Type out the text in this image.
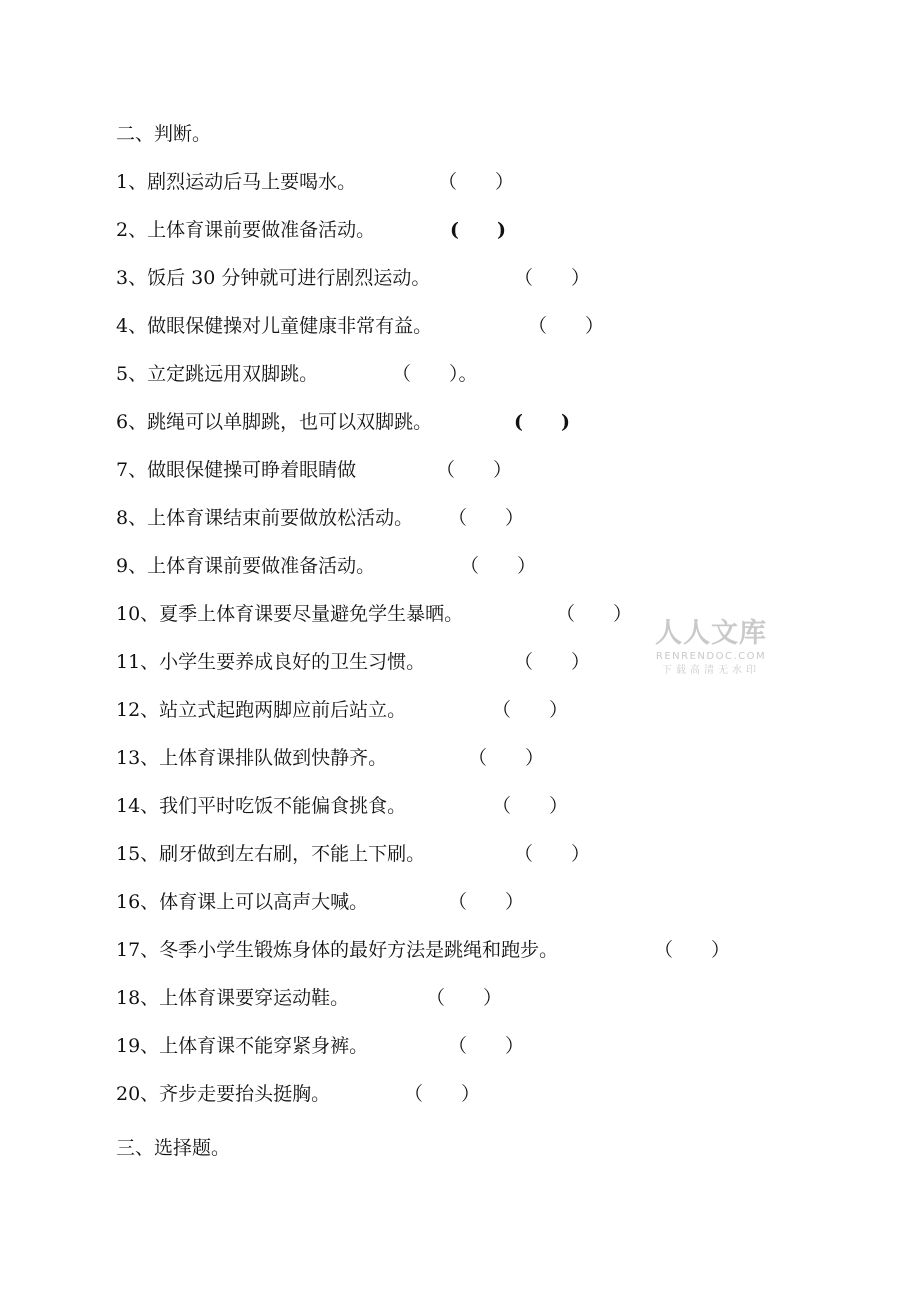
二、判断。
1、剧烈运动后马上要喝水。	（　　）
2、上体育课前要做准备活动。	(　　)
3、饭后 30 分钟就可进行剧烈运动。	（　　）
4、做眼保健操对儿童健康非常有益。	（　　）
5、立定跳远用双脚跳。	（　　）。
6、跳绳可以单脚跳，也可以双脚跳。	(　　)
7、做眼保健操可睁着眼睛做	（　　）
8、上体育课结束前要做放松活动。 （　　）
9、上体育课前要做准备活动。	（　　）
10、夏季上体育课要尽量避免学生暴晒。	（　　）
11、小学生要养成良好的卫生习惯。	（　　）
12、站立式起跑两脚应前后站立。	（　　）
13、上体育课排队做到快静齐。	（　　）
14、我们平时吃饭不能偏食挑食。	（　　）
15、刷牙做到左右刷，不能上下刷。	（　　）
16、体育课上可以高声大喊。	（　　）
17、冬季小学生锻炼身体的最好方法是跳绳和跑步。	（　　）
18、上体育课要穿运动鞋。	（　　）
19、上体育课不能穿紧身裤。	（　　）
20、齐步走要抬头挺胸。	（　　）
三、选择题。
人人文库
RENRENDOC.COM
下载高清无水印
